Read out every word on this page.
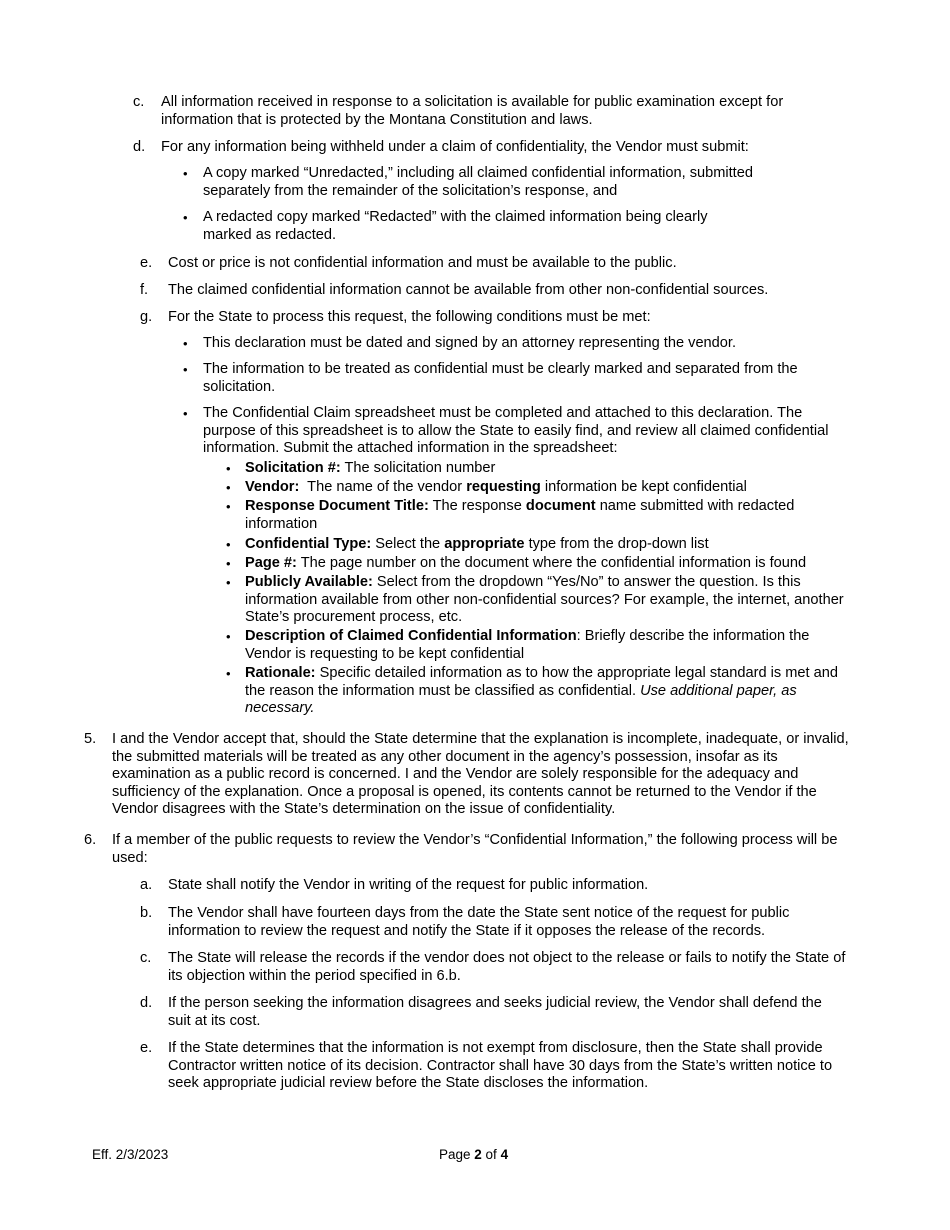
c. All information received in response to a solicitation is available for public examination except for information that is protected by the Montana Constitution and laws.
d. For any information being withheld under a claim of confidentiality, the Vendor must submit:
• A copy marked “Unredacted,” including all claimed confidential information, submitted separately from the remainder of the solicitation’s response, and
• A redacted copy marked “Redacted” with the claimed information being clearly marked as redacted.
e. Cost or price is not confidential information and must be available to the public.
f. The claimed confidential information cannot be available from other non-confidential sources.
g. For the State to process this request, the following conditions must be met:
• This declaration must be dated and signed by an attorney representing the vendor.
• The information to be treated as confidential must be clearly marked and separated from the solicitation.
• The Confidential Claim spreadsheet must be completed and attached to this declaration. The purpose of this spreadsheet is to allow the State to easily find, and review all claimed confidential information. Submit the attached information in the spreadsheet:
• Solicitation #: The solicitation number
• Vendor:  The name of the vendor requesting information be kept confidential
• Response Document Title: The response document name submitted with redacted information
• Confidential Type: Select the appropriate type from the drop-down list
• Page #: The page number on the document where the confidential information is found
• Publicly Available: Select from the dropdown “Yes/No” to answer the question. Is this information available from other non-confidential sources? For example, the internet, another State’s procurement process, etc.
• Description of Claimed Confidential Information: Briefly describe the information the Vendor is requesting to be kept confidential
• Rationale: Specific detailed information as to how the appropriate legal standard is met and the reason the information must be classified as confidential. Use additional paper, as necessary.
5. I and the Vendor accept that, should the State determine that the explanation is incomplete, inadequate, or invalid, the submitted materials will be treated as any other document in the agency’s possession, insofar as its examination as a public record is concerned. I and the Vendor are solely responsible for the adequacy and sufficiency of the explanation. Once a proposal is opened, its contents cannot be returned to the Vendor if the Vendor disagrees with the State’s determination on the issue of confidentiality.
6. If a member of the public requests to review the Vendor’s “Confidential Information,” the following process will be used:
a. State shall notify the Vendor in writing of the request for public information.
b. The Vendor shall have fourteen days from the date the State sent notice of the request for public information to review the request and notify the State if it opposes the release of the records.
c. The State will release the records if the vendor does not object to the release or fails to notify the State of its objection within the period specified in 6.b.
d. If the person seeking the information disagrees and seeks judicial review, the Vendor shall defend the suit at its cost.
e. If the State determines that the information is not exempt from disclosure, then the State shall provide Contractor written notice of its decision. Contractor shall have 30 days from the State’s written notice to seek appropriate judicial review before the State discloses the information.
Eff. 2/3/2023	Page 2 of 4
